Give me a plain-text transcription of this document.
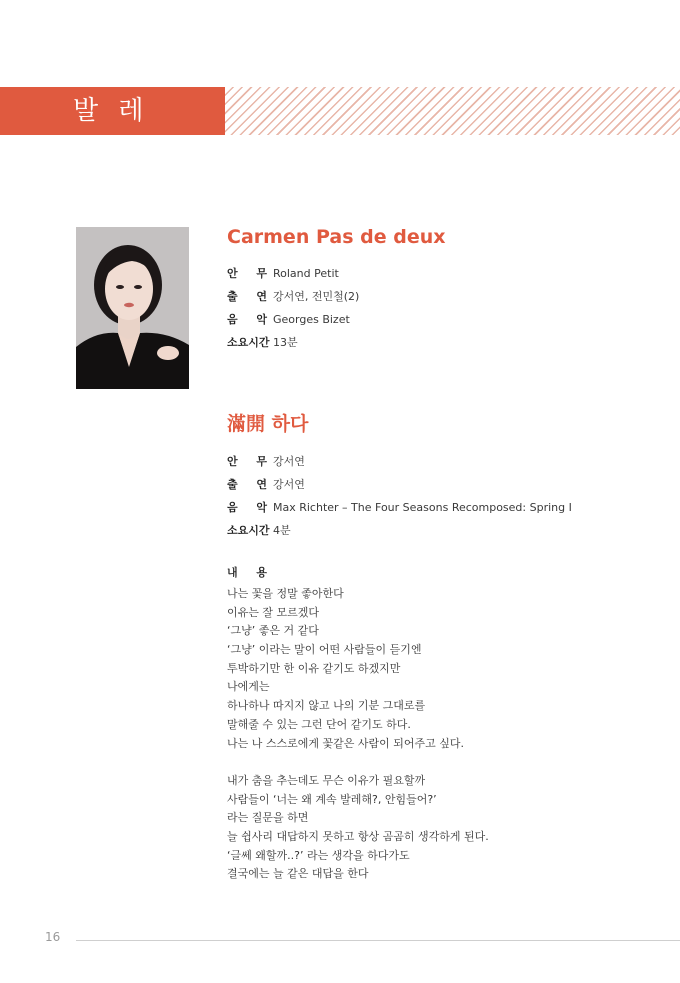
발 레
Carmen Pas de deux
안 무 Roland Petit
출 연 강서연, 전민철(2)
음 악 Georges Bizet
소요시간 13분
滿開 하다
안 무 강서연
출 연 강서연
음 악 Max Richter – The Four Seasons Recomposed: Spring I
소요시간 4분
내 용
나는 꽃을 정말 좋아한다
이유는 잘 모르겠다
‘그냥’ 좋은 거 같다
‘그냥’ 이라는 말이 어떤 사람들이 듣기엔
투박하기만 한 이유 같기도 하겠지만
나에게는
하나하나 따지지 않고 나의 기분 그대로를
말해줄 수 있는 그런 단어 같기도 하다.
나는 나 스스로에게 꽃같은 사람이 되어주고 싶다.
내가 춤을 추는데도 무슨 이유가 필요할까
사람들이 ‘너는 왜 계속 발레해?, 안힘들어?’
라는 질문을 하면
늘 쉽사리 대답하지 못하고 항상 곰곰히 생각하게 된다.
‘글쎄 왜할까..?’ 라는 생각을 하다가도
결국에는 늘 같은 대답을 한다
16
